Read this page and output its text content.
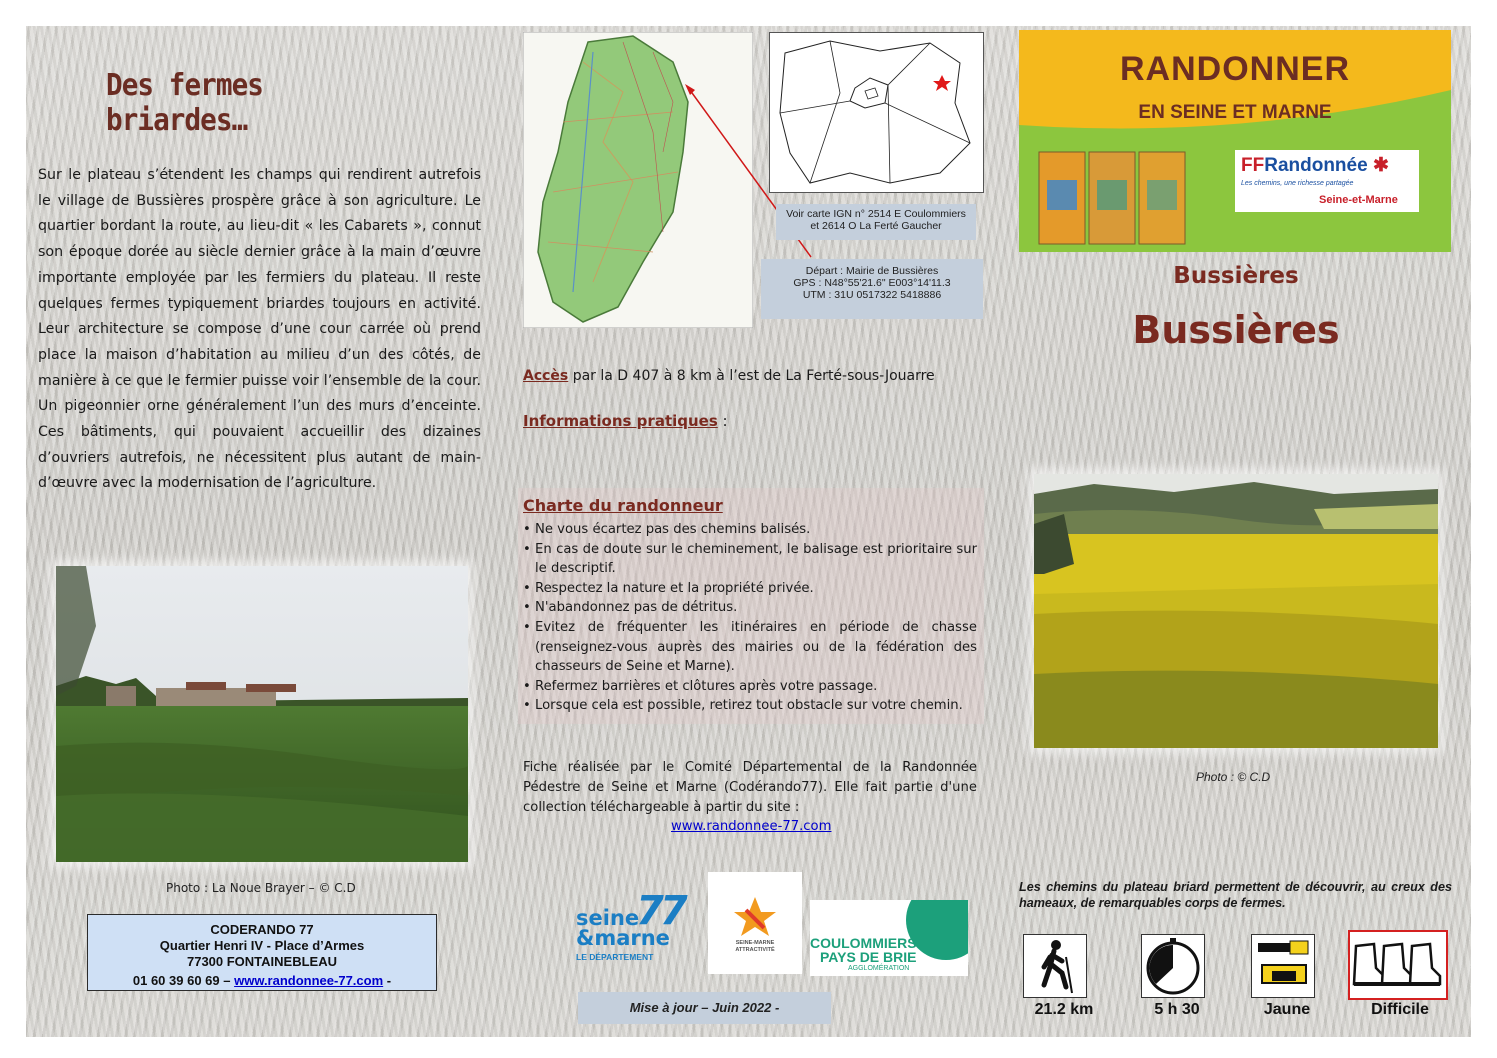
Des fermes briardes…
Sur le plateau s’étendent les champs qui rendirent autrefois le village de Bussières prospère grâce à son agriculture. Le quartier bordant la route, au lieu-dit « les Cabarets », connut son époque dorée au siècle dernier grâce à la main d’œuvre importante employée par les fermiers du plateau. Il reste quelques fermes typiquement briardes toujours en activité. Leur architecture se compose d’une cour carrée où prend place la maison d’habitation au milieu d’un des côtés, de manière à ce que le fermier puisse voir l’ensemble de la cour. Un pigeonnier orne généralement l’un des murs d’enceinte. Ces bâtiments, qui pouvaient accueillir des dizaines d’ouvriers autrefois, ne nécessitent plus autant de main-d’œuvre avec la modernisation de l’agriculture.
Photo : La Noue Brayer – © C.D
CODERANDO 77
Quartier Henri IV - Place d’Armes
77300 FONTAINEBLEAU
01 60 39 60 69 – www.randonnee-77.com -
Voir carte IGN n° 2514 E Coulommiers
et 2614 O La Ferté Gaucher
Départ : Mairie de Bussières
GPS : N48°55'21.6" E003°14'11.3
UTM : 31U 0517322 5418886
Accès par la D 407 à 8 km à l’est de La Ferté-sous-Jouarre
Informations pratiques :
Charte du randonneur
• Ne vous écartez pas des chemins balisés.
• En cas de doute sur le cheminement, le balisage est prioritaire sur le descriptif.
• Respectez la nature et la propriété privée.
• N'abandonnez pas de détritus.
• Evitez de fréquenter les itinéraires en période de chasse (renseignez-vous auprès des mairies ou de la fédération des chasseurs de Seine et Marne).
• Refermez barrières et clôtures après votre passage.
• Lorsque cela est possible, retirez tout obstacle sur votre chemin.
Fiche réalisée par le Comité Départemental de la Randonnée Pédestre de Seine et Marne (Codérando77). Elle fait partie d'une collection téléchargeable à partir du site :
www.randonnee-77.com
seine
&marne
77
LE DÉPARTEMENT
SEINE-MARNE ATTRACTIVITÉ	COULOMMIERS
PAYS DE BRIE
AGGLOMÉRATION
Mise à jour – Juin 2022 -
RANDONNER
EN SEINE ET MARNE
FFRandonnée ✱
Les chemins, une richesse partagée
Seine-et-Marne
Bussières
Bussières
Photo : © C.D
Les chemins du plateau briard permettent de découvrir, au creux des hameaux, de remarquables corps de fermes.
21.2 km	5 h 30	Jaune	Difficile
